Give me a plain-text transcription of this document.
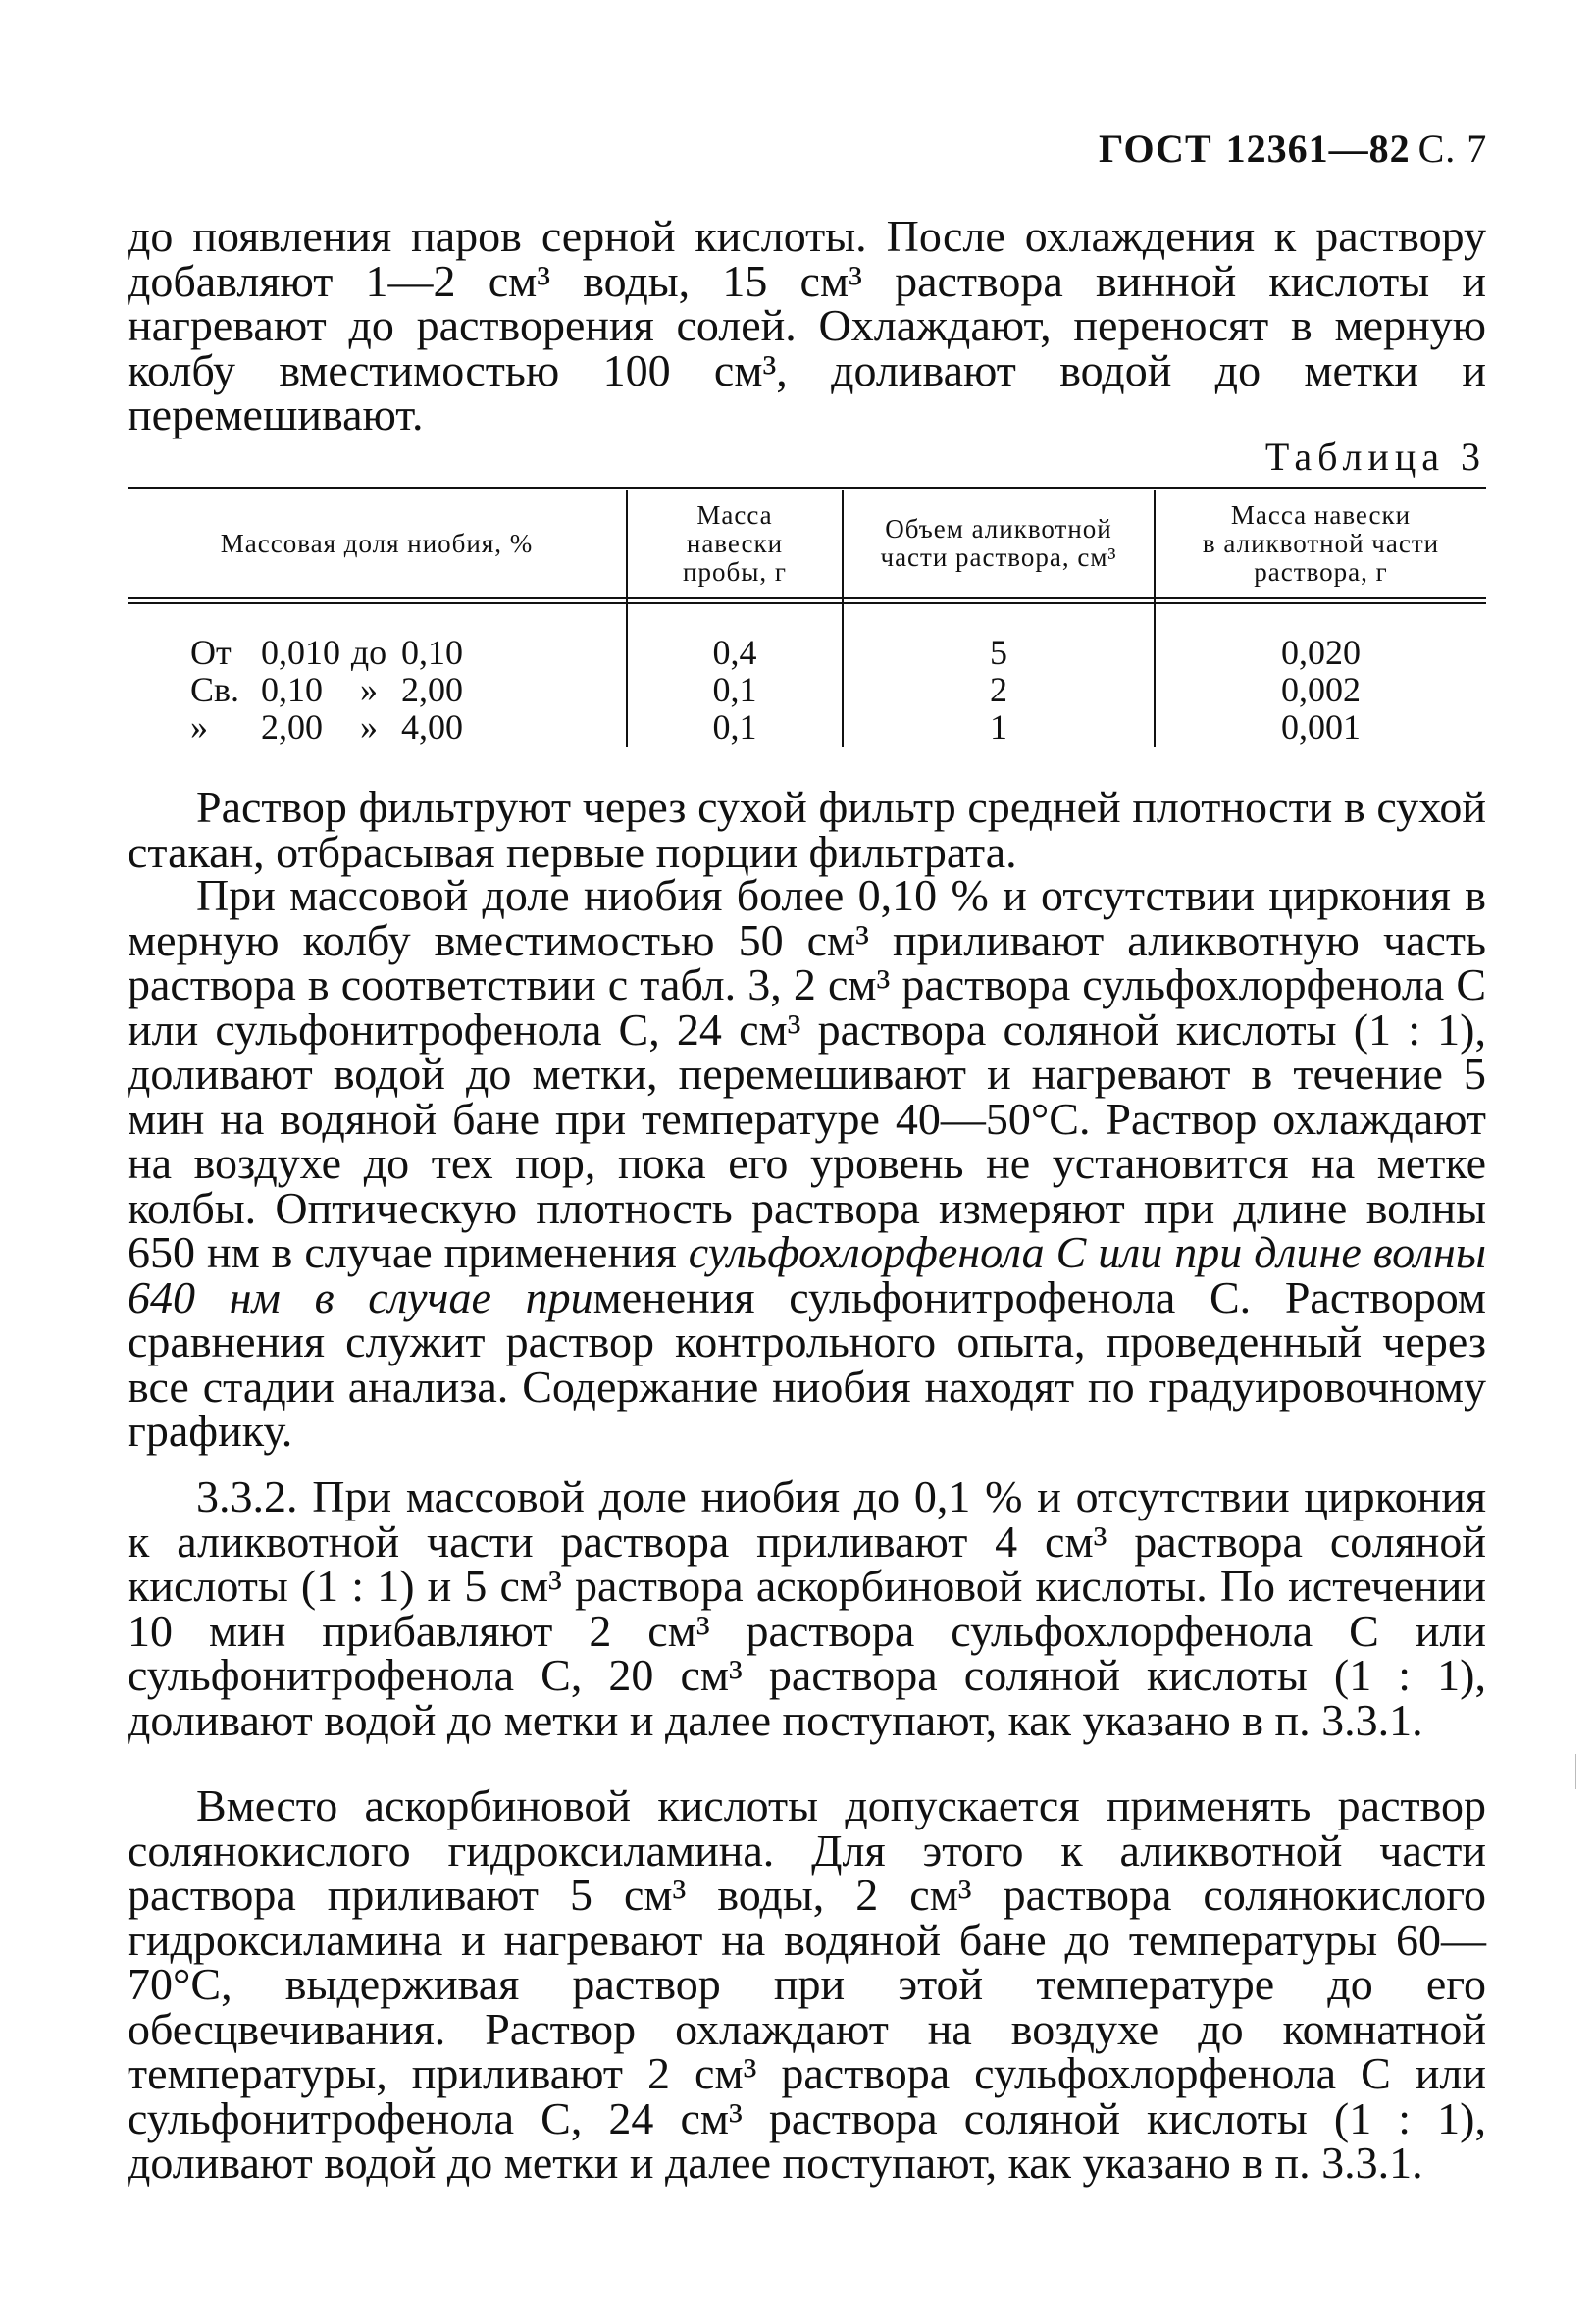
ГОСТ 12361—82 С. 7

до появления паров серной кислоты. После охлаждения к раствору добавляют 1—2 см³ воды, 15 см³ раствора винной кислоты и нагревают до растворения солей. Охлаждают, переносят в мерную колбу вместимостью 100 см³, доливают водой до метки и перемешивают.

Таблица 3
Массовая доля ниобия, %
Масса
навески
пробы, г
Объем аликвотной
части раствора, см³
Масса навески
в аликвотной части
раствора, г
От 0,010 до 0,10
Св. 0,10 » 2,00
» 2,00 » 4,00
0,4
0,1
0,1
5
2
1
0,020
0,002
0,001

Раствор фильтруют через сухой фильтр средней плотности в сухой стакан, отбрасывая первые порции фильтрата.

При массовой доле ниобия более 0,10 % и отсутствии циркония в мерную колбу вместимостью 50 см³ приливают аликвотную часть раствора в соответствии с табл. 3, 2 см³ раствора сульфохлорфенола С или сульфонитрофенола С, 24 см³ раствора соляной кислоты (1 : 1), доливают водой до метки, перемешивают и нагревают в течение 5 мин на водяной бане при температуре 40—50°С. Раствор охлаждают на воздухе до тех пор, пока его уровень не установится на метке колбы. Оптическую плотность раствора измеряют при длине волны 650 нм в случае применения сульфохлорфенола С или при длине волны 640 нм в случае применения сульфонитрофенола С. Раствором сравнения служит раствор контрольного опыта, проведенный через все стадии анализа. Содержание ниобия находят по градуировочному графику.

3.3.2. При массовой доле ниобия до 0,1 % и отсутствии циркония к аликвотной части раствора приливают 4 см³ раствора соляной кислоты (1 : 1) и 5 см³ раствора аскорбиновой кислоты. По истечении 10 мин прибавляют 2 см³ раствора сульфохлорфенола С или сульфонитрофенола С, 20 см³ раствора соляной кислоты (1 : 1), доливают водой до метки и далее поступают, как указано в п. 3.3.1.

Вместо аскорбиновой кислоты допускается применять раствор солянокислого гидроксиламина. Для этого к аликвотной части раствора приливают 5 см³ воды, 2 см³ раствора солянокислого гидроксиламина и нагревают на водяной бане до температуры 60—70°С, выдерживая раствор при этой температуре до его обесцвечивания. Раствор охлаждают на воздухе до комнатной температуры, приливают 2 см³ раствора сульфохлорфенола С или сульфонитрофенола С, 24 см³ раствора соляной кислоты (1 : 1), доливают водой до метки и далее поступают, как указано в п. 3.3.1.
